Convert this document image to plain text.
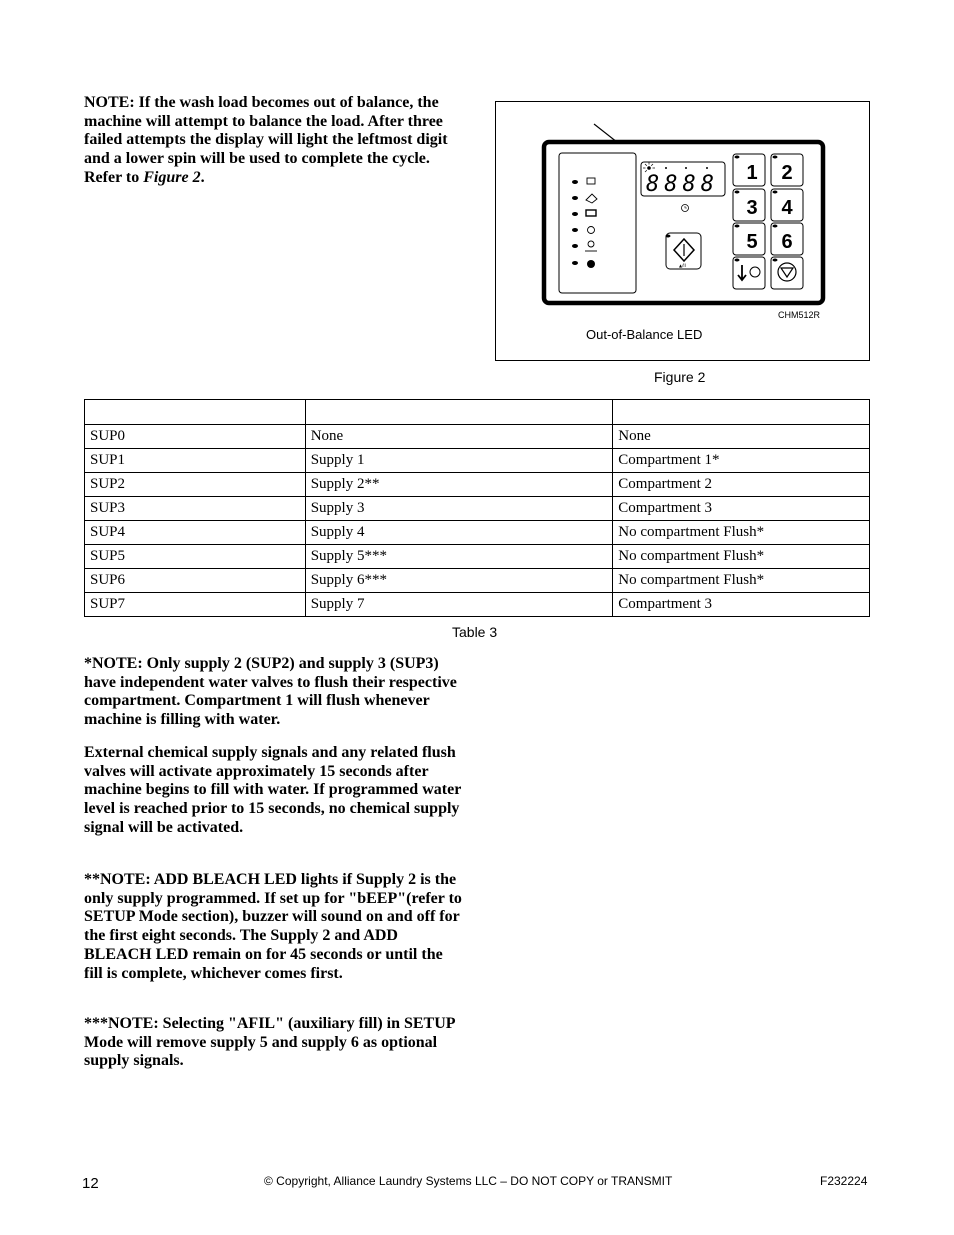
NOTE: If the wash load becomes out of balance, the machine will attempt to balance the load. After three failed attempts the display will light the leftmost digit and a lower spin will be used to complete the cycle. Refer to Figure 2.	8888
▲/II
1 2
3 4
5 6
CHM512R
Out-of-Balance LED
Figure 2

SUP0	None	None
SUP1	Supply 1	Compartment 1*
SUP2	Supply 2**	Compartment 2
SUP3	Supply 3	Compartment 3
SUP4	Supply 4	No compartment Flush*
SUP5	Supply 5***	No compartment Flush*
SUP6	Supply 6***	No compartment Flush*
SUP7	Supply 7	Compartment 3
Table 3
*NOTE: Only supply 2 (SUP2) and supply 3 (SUP3) have independent water valves to flush their respective compartment. Compartment 1 will flush whenever machine is filling with water.
External chemical supply signals and any related flush valves will activate approximately 15 seconds after machine begins to fill with water. If programmed water level is reached prior to 15 seconds, no chemical supply signal will be activated.
**NOTE: ADD BLEACH LED lights if Supply 2 is the only supply programmed. If set up for "bEEP"(refer to SETUP Mode section), buzzer will sound on and off for the first eight seconds. The Supply 2 and ADD BLEACH LED remain on for 45 seconds or until the fill is complete, whichever comes first.
***NOTE: Selecting "AFIL" (auxiliary fill) in SETUP Mode will remove supply 5 and supply 6 as optional supply signals.
12	© Copyright, Alliance Laundry Systems LLC – DO NOT COPY or TRANSMIT	F232224
